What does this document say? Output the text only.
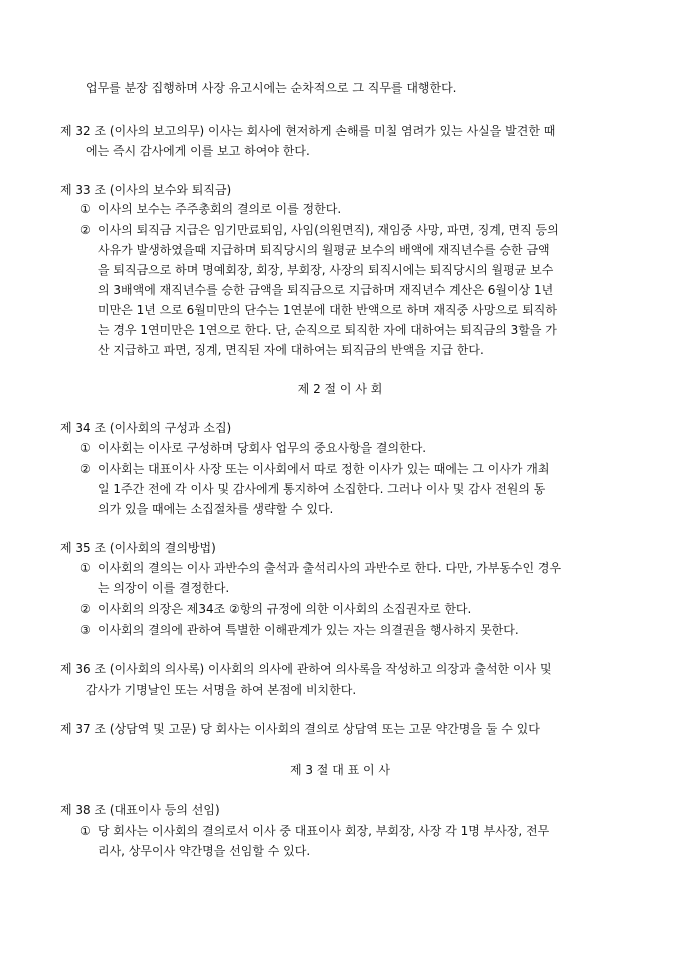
업무를 분장 집행하며 사장 유고시에는 순차적으로 그 직무를 대행한다.
제 32 조 (이사의 보고의무) 이사는 회사에 현저하게 손해를 미칠 염려가 있는 사실을 발견한 때
에는 즉시 감사에게 이를 보고 하여야 한다.
제 33 조 (이사의 보수와 퇴직금)
① 이사의 보수는 주주총회의 결의로 이를 정한다.
② 이사의 퇴직금 지급은 임기만료퇴임, 사임(의원면직), 재임중 사망, 파면, 징계, 면직 등의
사유가 발생하였을때 지급하며 퇴직당시의 월평균 보수의 배액에 재직년수를 승한 금액
을 퇴직금으로 하며 명예회장, 회장, 부회장, 사장의 퇴직시에는 퇴직당시의 월평균 보수
의 3배액에 재직년수를 승한 금액을 퇴직금으로 지급하며 재직년수 계산은 6월이상 1년
미만은 1년 으로 6월미만의 단수는 1연분에 대한 반액으로 하며 재직중 사망으로 퇴직하
는 경우 1연미만은 1연으로 한다. 단, 순직으로 퇴직한 자에 대하여는 퇴직금의 3할을 가
산 지급하고 파면, 징계, 면직된 자에 대하여는 퇴직금의 반액을 지급 한다.
제 2 절 이 사 회
제 34 조 (이사회의 구성과 소집)
① 이사회는 이사로 구성하며 당회사 업무의 중요사항을 결의한다.
② 이사회는 대표이사 사장 또는 이사회에서 따로 정한 이사가 있는 때에는 그 이사가 개최
일 1주간 전에 각 이사 및 감사에게 통지하여 소집한다. 그러나 이사 및 감사 전원의 동
의가 있을 때에는 소집절차를 생략할 수 있다.
제 35 조 (이사회의 결의방법)
① 이사회의 결의는 이사 과반수의 출석과 출석리사의 과반수로 한다. 다만, 가부동수인 경우
는 의장이 이를 결정한다.
② 이사회의 의장은 제34조 ②항의 규정에 의한 이사회의 소집권자로 한다.
③ 이사회의 결의에 관하여 특별한 이해관계가 있는 자는 의결권을 행사하지 못한다.
제 36 조 (이사회의 의사록) 이사회의 의사에 관하여 의사록을 작성하고 의장과 출석한 이사 및
감사가 기명날인 또는 서명을 하여 본점에 비치한다.
제 37 조 (상담역 및 고문) 당 회사는 이사회의 결의로 상담역 또는 고문 약간명을 둘 수 있다
제 3 절 대 표 이 사
제 38 조 (대표이사 등의 선임)
① 당 회사는 이사회의 결의로서 이사 중 대표이사 회장, 부회장, 사장 각 1명 부사장, 전무
리사, 상무이사 약간명을 선임할 수 있다.
